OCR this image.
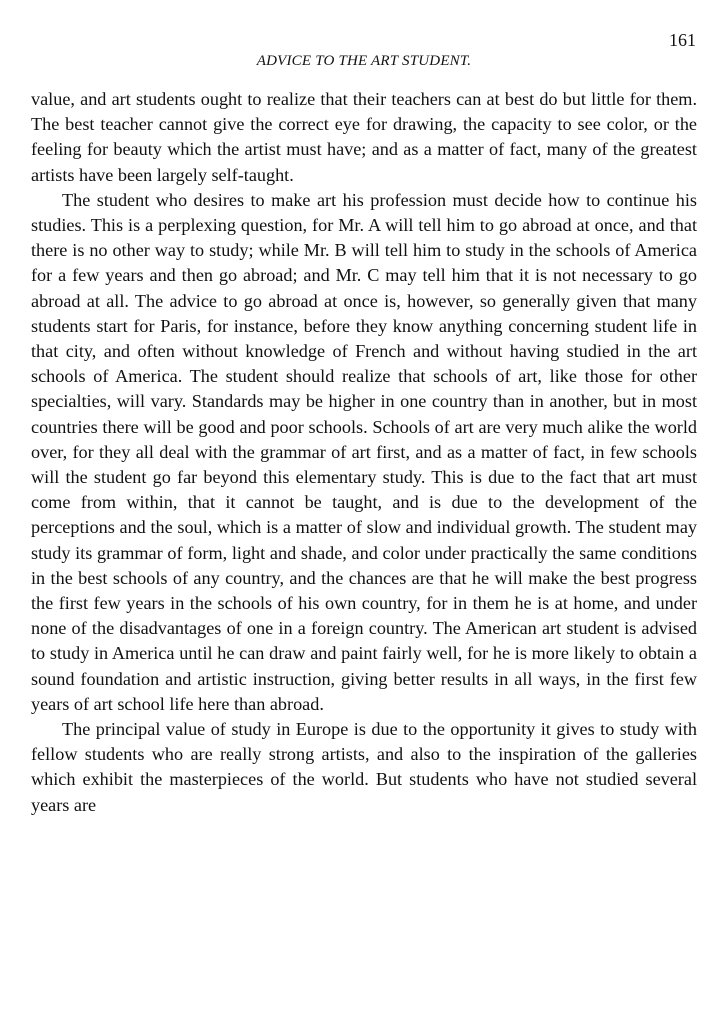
161
ADVICE TO THE ART STUDENT.

value, and art students ought to realize that their teachers can at best do but little for them. The best teacher cannot give the correct eye for drawing, the capacity to see color, or the feeling for beauty which the artist must have; and as a matter of fact, many of the greatest artists have been largely self-taught.

The student who desires to make art his profession must decide how to continue his studies. This is a perplexing question, for Mr. A will tell him to go abroad at once, and that there is no other way to study; while Mr. B will tell him to study in the schools of America for a few years and then go abroad; and Mr. C may tell him that it is not necessary to go abroad at all. The advice to go abroad at once is, however, so generally given that many students start for Paris, for instance, before they know anything concerning student life in that city, and often without knowledge of French and without having studied in the art schools of America. The student should realize that schools of art, like those for other specialties, will vary. Standards may be higher in one country than in another, but in most countries there will be good and poor schools. Schools of art are very much alike the world over, for they all deal with the grammar of art first, and as a matter of fact, in few schools will the student go far beyond this elementary study. This is due to the fact that art must come from within, that it cannot be taught, and is due to the development of the perceptions and the soul, which is a matter of slow and individual growth. The student may study its grammar of form, light and shade, and color under practically the same conditions in the best schools of any country, and the chances are that he will make the best progress the first few years in the schools of his own country, for in them he is at home, and under none of the disadvantages of one in a foreign country. The American art student is advised to study in America until he can draw and paint fairly well, for he is more likely to obtain a sound foundation and artistic instruction, giving better results in all ways, in the first few years of art school life here than abroad.

The principal value of study in Europe is due to the opportunity it gives to study with fellow students who are really strong artists, and also to the inspiration of the galleries which exhibit the masterpieces of the world. But students who have not studied several years are
